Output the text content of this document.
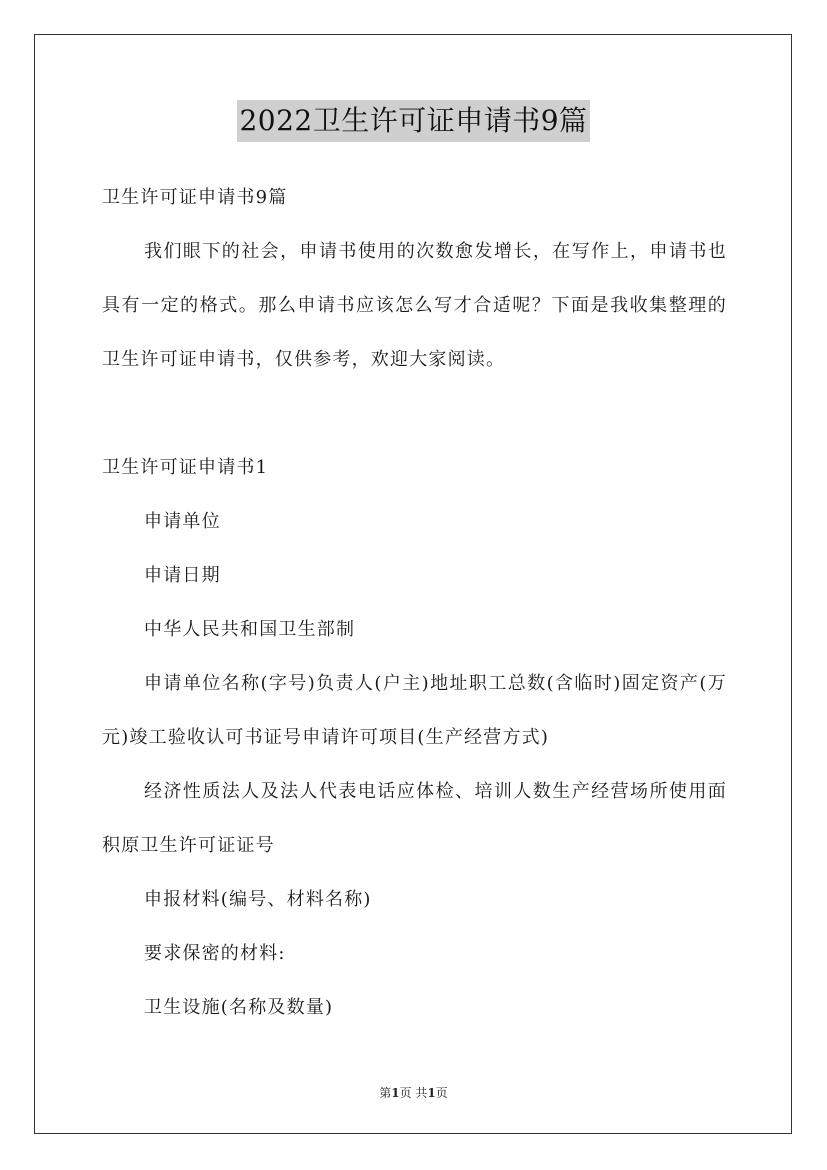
2022卫生许可证申请书9篇

卫生许可证申请书9篇

我们眼下的社会，申请书使用的次数愈发增长，在写作上，申请书也具有一定的格式。那么申请书应该怎么写才合适呢？下面是我收集整理的卫生许可证申请书，仅供参考，欢迎大家阅读。

卫生许可证申请书1

申请单位

申请日期

中华人民共和国卫生部制

申请单位名称(字号)负责人(户主)地址职工总数(含临时)固定资产(万元)竣工验收认可书证号申请许可项目(生产经营方式)

经济性质法人及法人代表电话应体检、培训人数生产经营场所使用面积原卫生许可证证号

申报材料(编号、材料名称)

要求保密的材料:

卫生设施(名称及数量)

第1页 共1页
